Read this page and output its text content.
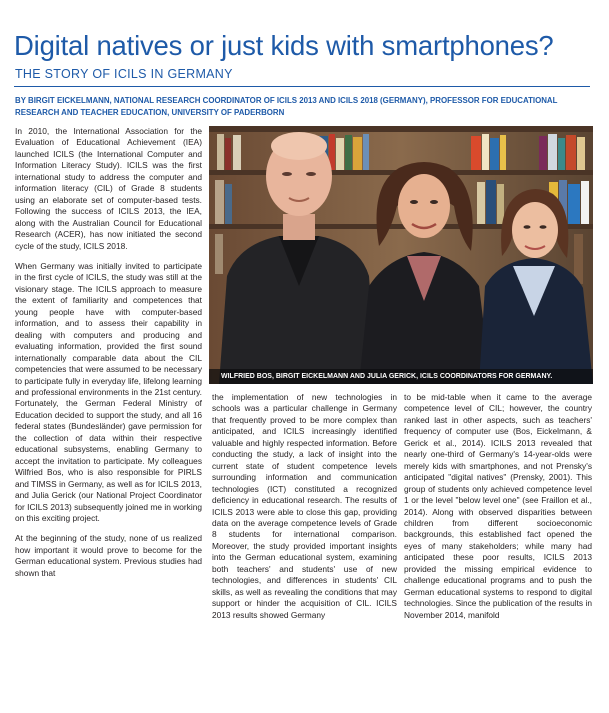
Digital natives or just kids with smartphones?
THE STORY OF ICILS IN GERMANY
BY BIRGIT EICKELMANN, NATIONAL RESEARCH COORDINATOR OF ICILS 2013 AND ICILS 2018 (GERMANY), PROFESSOR FOR EDUCATIONAL RESEARCH AND TEACHER EDUCATION, UNIVERSITY OF PADERBORN

In 2010, the International Association for the Evaluation of Educational Achievement (IEA) launched ICILS (the International Computer and Information Literacy Study). ICILS was the first international study to address the computer and information literacy (CIL) of Grade 8 students using an elaborate set of computer-based tests. Following the success of ICILS 2013, the IEA, along with the Australian Council for Educational Research (ACER), has now initiated the second cycle of the study, ICILS 2018.

When Germany was initially invited to participate in the first cycle of ICILS, the study was still at the visionary stage. The ICILS approach to measure the extent of familiarity and competences that young people have with computer-based information, and to assess their capability in dealing with computers and producing and evaluating information, provided the first sound internationally comparable data about the CIL competencies that were assumed to be necessary to participate fully in everyday life, lifelong learning and professional environments in the 21st century. Fortunately, the German Federal Ministry of Education decided to support the study, and all 16 federal states (Bundesländer) gave permission for the collection of data within their respective educational subsystems, enabling Germany to accept the invitation to participate. My colleagues Wilfried Bos, who is also responsible for PIRLS and TIMSS in Germany, as well as for ICILS 2013, and Julia Gerick (our National Project Coordinator for ICILS 2013) subsequently joined me in working on this exciting project.

At the beginning of the study, none of us realized how important it would prove to become for the German educational system. Previous studies had shown that

WILFRIED BOS, BIRGIT EICKELMANN AND JULIA GERICK, ICILS COORDINATORS FOR GERMANY.

the implementation of new technologies in schools was a particular challenge in Germany that frequently proved to be more complex than anticipated, and ICILS increasingly identified valuable and highly respected information. Before conducting the study, a lack of insight into the current state of student competence levels surrounding information and communication technologies (ICT) constituted a recognized deficiency in educational research. The results of ICILS 2013 were able to close this gap, providing data on the average competence levels of Grade 8 students for international comparison. Moreover, the study provided important insights into the German educational system, examining both teachers' and students' use of new technologies, and differences in students' CIL skills, as well as revealing the conditions that may support or hinder the acquisition of CIL. ICILS 2013 results showed Germany

to be mid-table when it came to the average competence level of CIL; however, the country ranked last in other aspects, such as teachers' frequency of computer use (Bos, Eickelmann, & Gerick et al., 2014). ICILS 2013 revealed that nearly one-third of Germany's 14-year-olds were merely kids with smartphones, and not Prensky's anticipated "digital natives" (Prensky, 2001). This group of students only achieved competence level 1 or the level "below level one" (see Fraillon et al., 2014). Along with observed disparities between children from different socioeconomic backgrounds, this established fact opened the eyes of many stakeholders; while many had anticipated these poor results, ICILS 2013 provided the missing empirical evidence to challenge educational programs and to push the German educational systems to respond to digital technologies. Since the publication of the results in November 2014, manifold
